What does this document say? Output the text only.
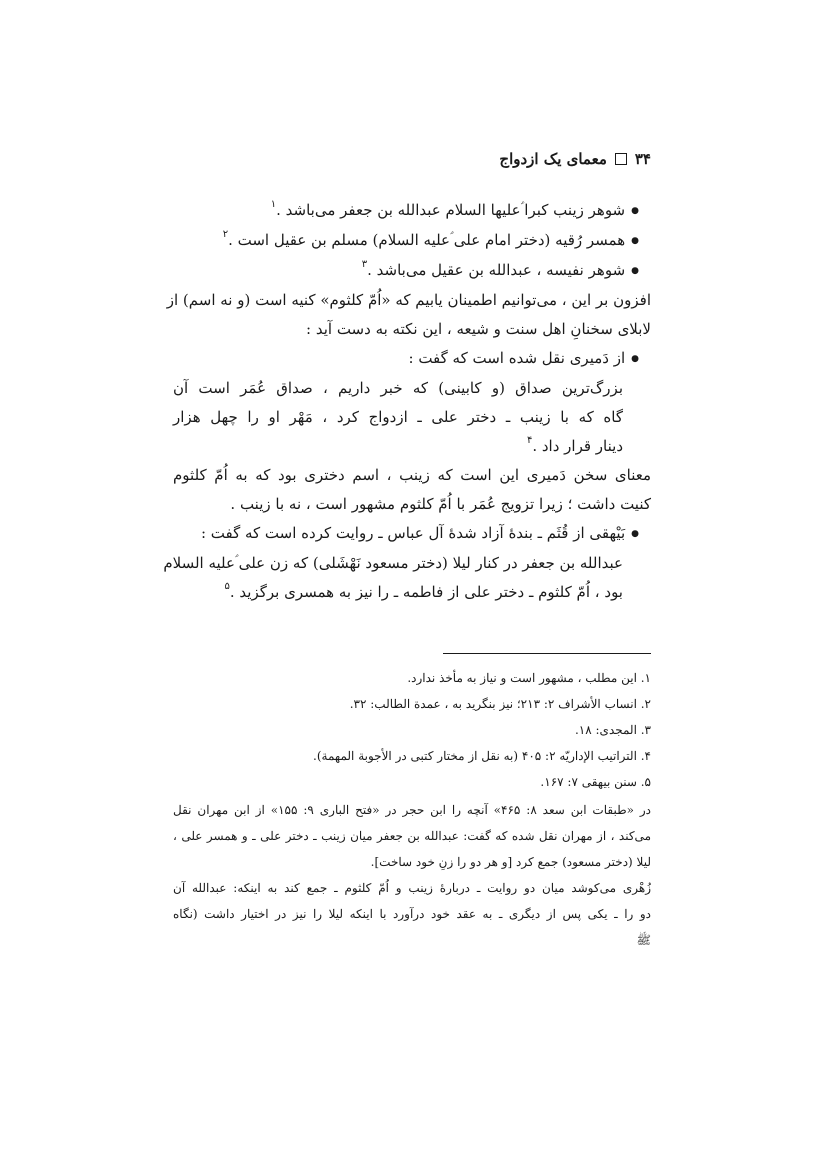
۳۴
معمای یک ازدواج
● شوهر زینب کبرا ؑعلیها السلام عبدالله بن جعفر می‌باشد .$^۱$
● همسر رُقیه (دختر امام علی ؑعلیه السلام) مسلم بن عقیل است .$^۲$
● شوهر نفیسه ، عبدالله بن عقیل می‌باشد .$^۳$
افزون بر این ، می‌توانیم اطمینان یابیم که «اُمّ کلثوم» کنیه است (و نه اسم) از
لابلای سخنانِ اهل سنت و شیعه ، این نکته به دست آید :
● از دَمیری نقل شده است که گفت :
بزرگ‌ترین صداق (و کابینی) که خبر داریم ، صداق عُمَر است آن
گاه که با زینب ـ دختر علی ـ ازدواج کرد ، مَهْر او را چهل هزار
دینار قرار داد .$^۴$
معنای سخن دَمیری این است که زینب ، اسم دختری بود که به اُمّ کلثوم
کنیت داشت ؛ زیرا تزویج عُمَر با اُمّ کلثوم مشهور است ، نه با زینب .
● بَیْهقی از قُثَم ـ بندهٔ آزاد شدهٔ آل عباس ـ روایت کرده است که گفت :
عبدالله بن جعفر در کنار لیلا (دختر مسعود نَهْشَلی) که زن علی ؑعلیه السلام
بود ، اُمّ کلثوم ـ دختر علی از فاطمه ـ را نیز به همسری برگزید .$^۵$
۱. این مطلب ، مشهور است و نیاز به مأخذ ندارد.
۲. انساب الأشراف ۲: ۲۱۳؛ نیز بنگرید به ، عمدة الطالب: ۳۲.
۳. المجدی: ۱۸.
۴. التراتیب الإداریّه ۲: ۴۰۵ (به نقل از مختار کتبی در الأجوبة المهمة).
۵. سنن بیهقی ۷: ۱۶۷.
در «طبقات ابن سعد ۸: ۴۶۵» آنچه را ابن حجر در «فتح الباری ۹: ۱۵۵» از ابن مهران نقل
می‌کند ، از مهران نقل شده که گفت: عبدالله بن جعفر میان زینب ـ دختر علی ـ و همسر علی ،
لیلا (دختر مسعود) جمع کرد [و هر دو را زنِ خود ساخت].
زُهْری می‌کوشد میان دو روایت ـ دربارهٔ زینب و اُمّ کلثوم ـ جمع کند به اینکه: عبدالله آن
دو را ـ یکی پس از دیگری ـ به عقد خود درآورد با اینکه لیلا را نیز در اختیار داشت (نگاه
ﷺ
